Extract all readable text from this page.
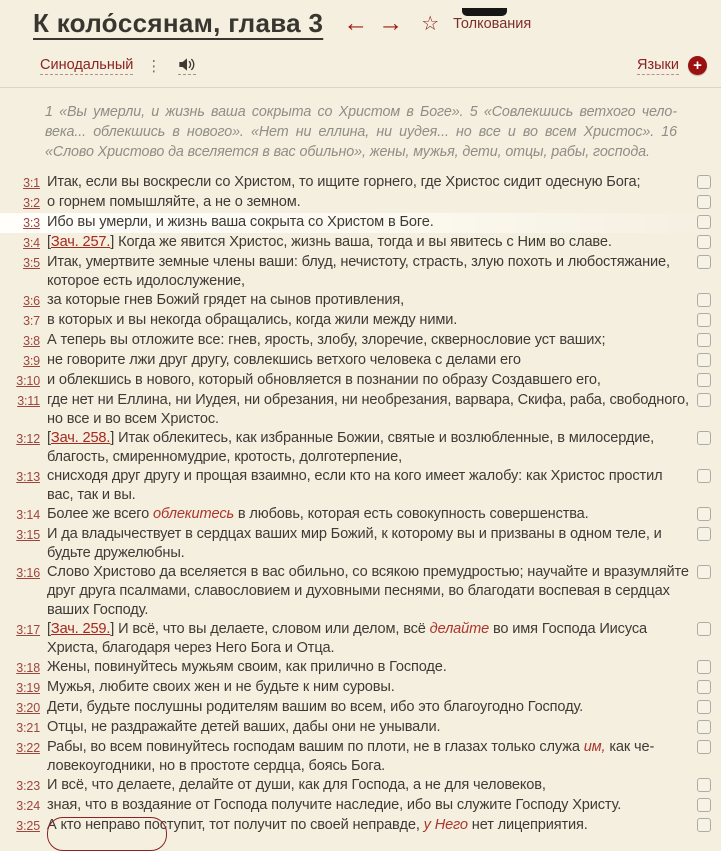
К коло́ссянам, глава 3 ← → ☆ Толкования
Синодальный ⋮	Языки +

1 «Вы умерли, и жизнь ваша сокрыта со Христом в Боге». 5 «Совлекшись ветхого человека... облекшись в нового». «Нет ни еллина, ни иудея... но все и во всем Христос». 16 «Слово Христово да вселяется в вас обильно», жены, мужья, дети, отцы, рабы, господа.

3:1 Итак, если вы воскресли со Христом, то ищите горнего, где Христос сидит одесную Бога;
3:2 о горнем помышляйте, а не о земном.
3:3 Ибо вы умерли, и жизнь ваша сокрыта со Христом в Боге.
3:4 [Зач. 257.] Когда же явится Христос, жизнь ваша, тогда и вы явитесь с Ним во славе.
3:5 Итак, умертвите земные члены ваши: блуд, нечистоту, страсть, злую похоть и любостяжание, которое есть идолослужение,
3:6 за которые гнев Божий грядет на сынов противления,
3:7 в которых и вы некогда обращались, когда жили между ними.
3:8 А теперь вы отложите все: гнев, ярость, злобу, злоречие, сквернословие уст ваших;
3:9 не говорите лжи друг другу, совлекшись ветхого человека с делами его
3:10 и облекшись в нового, который обновляется в познании по образу Создавшего его,
3:11 где нет ни Еллина, ни Иудея, ни обрезания, ни необрезания, варвара, Скифа, раба, свободного, но все и во всем Христос.
3:12 [Зач. 258.] Итак облекитесь, как избранные Божии, святые и возлюбленные, в милосердие, благость, смиренномудрие, кротость, долготерпение,
3:13 снисходя друг другу и прощая взаимно, если кто на кого имеет жалобу: как Христос простил вас, так и вы.
3:14 Более же всего облекитесь в любовь, которая есть совокупность совершенства.
3:15 И да владычествует в сердцах ваших мир Божий, к которому вы и призваны в одном теле, и будьте дружелюбны.
3:16 Слово Христово да вселяется в вас обильно, со всякою премудростью; научайте и вразумляйте друг друга псалмами, славословием и духовными песнями, во благодати воспевая в сердцах ваших Господу.
3:17 [Зач. 259.] И всё, что вы делаете, словом или делом, всё делайте во имя Господа Иисуса Христа, благодаря через Него Бога и Отца.
3:18 Жены, повинуйтесь мужьям своим, как прилично в Господе.
3:19 Мужья, любите своих жен и не будьте к ним суровы.
3:20 Дети, будьте послушны родителям вашим во всем, ибо это благоугодно Господу.
3:21 Отцы, не раздражайте детей ваших, дабы они не унывали.
3:22 Рабы, во всем повинуйтесь господам вашим по плоти, не в глазах только служа им, как человекоугодники, но в простоте сердца, боясь Бога.
3:23 И всё, что делаете, делайте от души, как для Господа, а не для человеков,
3:24 зная, что в воздаяние от Господа получите наследие, ибо вы служите Господу Христу.
3:25 А кто неправо поступит, тот получит по своей неправде, у Него нет лицеприятия.
